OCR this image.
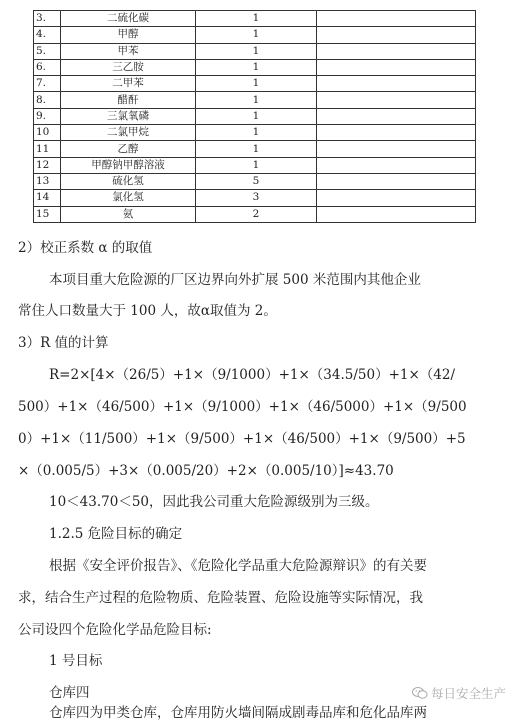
3.	二硫化碳	1	
4.	甲醇	1	
5.	甲苯	1	
6.	三乙胺	1	
7.	二甲苯	1	
8.	醋酐	1	
9.	三氯氧磷	1	
10	二氯甲烷	1	
11	乙醇	1	
12	甲醇钠甲醇溶液	1	
13	硫化氢	5	
14	氯化氢	3	
15	氨	2	
2）校正系数 α 的取值
本项目重大危险源的厂区边界向外扩展 500 米范围内其他企业
常住人口数量大于 100 人，故α取值为 2。
3）R 值的计算
R=2×[4×（26/5）+1×（9/1000）+1×（34.5/50）+1×（42/
500）+1×（46/500）+1×（9/1000）+1×（46/5000）+1×（9/500
0）+1×（11/500）+1×（9/500）+1×（46/500）+1×（9/500）+5
×（0.005/5）+3×（0.005/20）+2×（0.005/10）]≈43.70
10＜43.70＜50，因此我公司重大危险源级别为三级。
1.2.5 危险目标的确定
根据《安全评价报告》、《危险化学品重大危险源辩识》的有关要
求，结合生产过程的危险物质、危险装置、危险设施等实际情况，我
公司设四个危险化学品危险目标:
1 号目标
仓库四
仓库四为甲类仓库，仓库用防火墙间隔成剧毒品库和危化品库两
每日安全生产
